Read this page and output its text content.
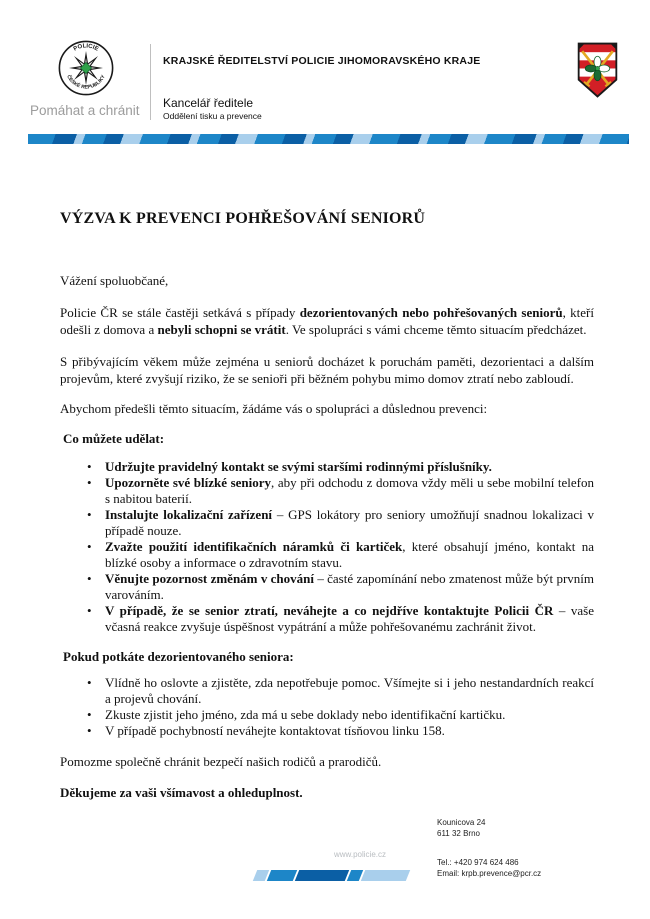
POLICIE
ČESKÉ REPUBLIKY
Pomáhat a chránit
KRAJSKÉ ŘEDITELSTVÍ POLICIE JIHOMORAVSKÉHO KRAJE
Kancelář ředitele
Oddělení tisku a prevence
VÝZVA K PREVENCI POHŘEŠOVÁNÍ SENIORŮ

Vážení spoluobčané,

Policie ČR se stále častěji setkává s případy dezorientovaných nebo pohřešovaných seniorů, kteří odešli z domova a nebyli schopni se vrátit. Ve spolupráci s vámi chceme těmto situacím předcházet.

S přibývajícím věkem může zejména u seniorů docházet k poruchám paměti, dezorientaci a dalším projevům, které zvyšují riziko, že se senioři při běžném pohybu mimo domov ztratí nebo zabloudí.

Abychom předešli těmto situacím, žádáme vás o spolupráci a důslednou prevenci:

Co můžete udělat:

• Udržujte pravidelný kontakt se svými staršími rodinnými příslušníky.
• Upozorněte své blízké seniory, aby při odchodu z domova vždy měli u sebe mobilní telefon s nabitou baterií.
• Instalujte lokalizační zařízení – GPS lokátory pro seniory umožňují snadnou lokalizaci v případě nouze.
• Zvažte použití identifikačních náramků či kartiček, které obsahují jméno, kontakt na blízké osoby a informace o zdravotním stavu.
• Věnujte pozornost změnám v chování – časté zapomínání nebo zmatenost může být prvním varováním.
• V případě, že se senior ztratí, neváhejte a co nejdříve kontaktujte Policii ČR – vaše včasná reakce zvyšuje úspěšnost vypátrání a může pohřešovanému zachránit život.

Pokud potkáte dezorientovaného seniora:

• Vlídně ho oslovte a zjistěte, zda nepotřebuje pomoc. Všímejte si i jeho nestandardních reakcí a projevů chování.
• Zkuste zjistit jeho jméno, zda má u sebe doklady nebo identifikační kartičku.
• V případě pochybností neváhejte kontaktovat tísňovou linku 158.

Pomozme společně chránit bezpečí našich rodičů a prarodičů.

Děkujeme za vaši všímavost a ohleduplnost.

Kounicova 24
611 32 Brno
www.policie.cz
Tel.: +420 974 624 486
Email: krpb.prevence@pcr.cz
